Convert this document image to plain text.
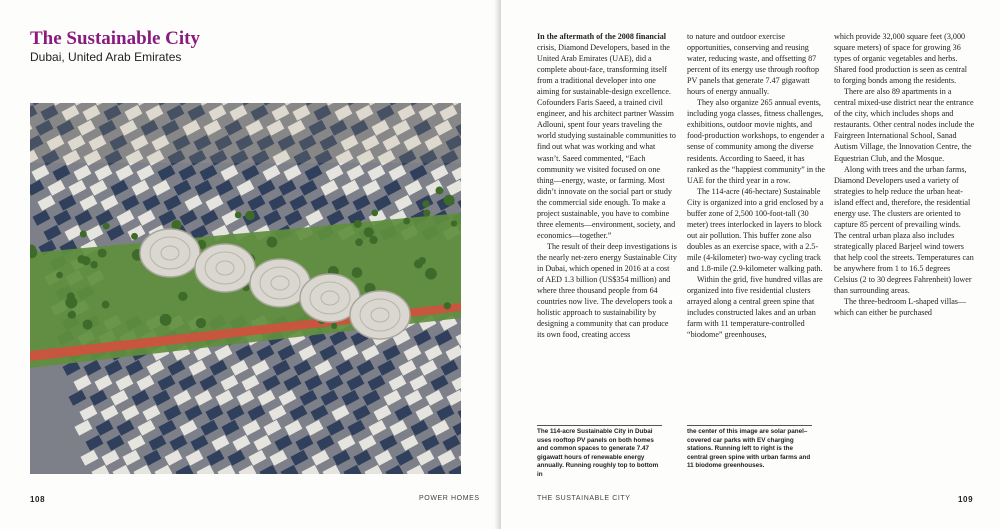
The Sustainable City
Dubai, United Arab Emirates
108	POWER HOMES

In the aftermath of the 2008 financial crisis, Diamond Developers, based in the United Arab Emirates (UAE), did a complete about-face, transforming itself from a traditional developer into one aiming for sustainable-design excellence. Cofounders Faris Saeed, a trained civil engineer, and his architect partner Wassim Adlouni, spent four years traveling the world studying sustainable communities to find out what was working and what wasn’t. Saeed commented, “Each community we visited focused on one thing—energy, waste, or farming. Most didn’t innovate on the social part or study the commercial side enough. To make a project sustainable, you have to combine three elements—environment, society, and economics—together.”

The result of their deep investigations is the nearly net-zero energy Sustainable City in Dubai, which opened in 2016 at a cost of AED 1.3 billion (US$354 million) and where three thousand people from 64 countries now live. The developers took a holistic approach to sustainability by designing a community that can produce its own food, creating access

to nature and outdoor exercise opportunities, conserving and reusing water, reducing waste, and offsetting 87 percent of its energy use through rooftop PV panels that generate 7.47 gigawatt hours of energy annually.

They also organize 265 annual events, including yoga classes, fitness challenges, exhibitions, outdoor movie nights, and food-production workshops, to engender a sense of community among the diverse residents. According to Saeed, it has ranked as the “happiest community” in the UAE for the third year in a row.

The 114-acre (46-hectare) Sustainable City is organized into a grid enclosed by a buffer zone of 2,500 100-foot-tall (30 meter) trees interlocked in layers to block out air pollution. This buffer zone also doubles as an exercise space, with a 2.5-mile (4-kilometer) two-way cycling track and 1.8-mile (2.9-kilometer walking path.

Within the grid, five hundred villas are organized into five residential clusters arrayed along a central green spine that includes constructed lakes and an urban farm with 11 temperature-controlled “biodome” greenhouses,

which provide 32,000 square feet (3,000 square meters) of space for growing 36 types of organic vegetables and herbs. Shared food production is seen as central to forging bonds among the residents.

There are also 89 apartments in a central mixed-use district near the entrance of the city, which includes shops and restaurants. Other central nodes include the Fairgreen International School, Sanad Autism Village, the Innovation Centre, the Equestrian Club, and the Mosque.

Along with trees and the urban farms, Diamond Developers used a variety of strategies to help reduce the urban heat-island effect and, therefore, the residential energy use. The clusters are oriented to capture 85 percent of prevailing winds. The central urban plaza also includes strategically placed Barjeel wind towers that help cool the streets. Temperatures can be anywhere from 1 to 16.5 degrees Celsius (2 to 30 degrees Fahrenheit) lower than surrounding areas.

The three-bedroom L-shaped villas—which can either be purchased

The 114-acre Sustainable City in Dubai uses rooftop PV panels on both homes and common spaces to generate 7.47 gigawatt hours of renewable energy annually. Running roughly top to bottom in
the center of this image are solar panel–covered car parks with EV charging stations. Running left to right is the central green spine with urban farms and 11 biodome greenhouses.
THE SUSTAINABLE CITY	109
